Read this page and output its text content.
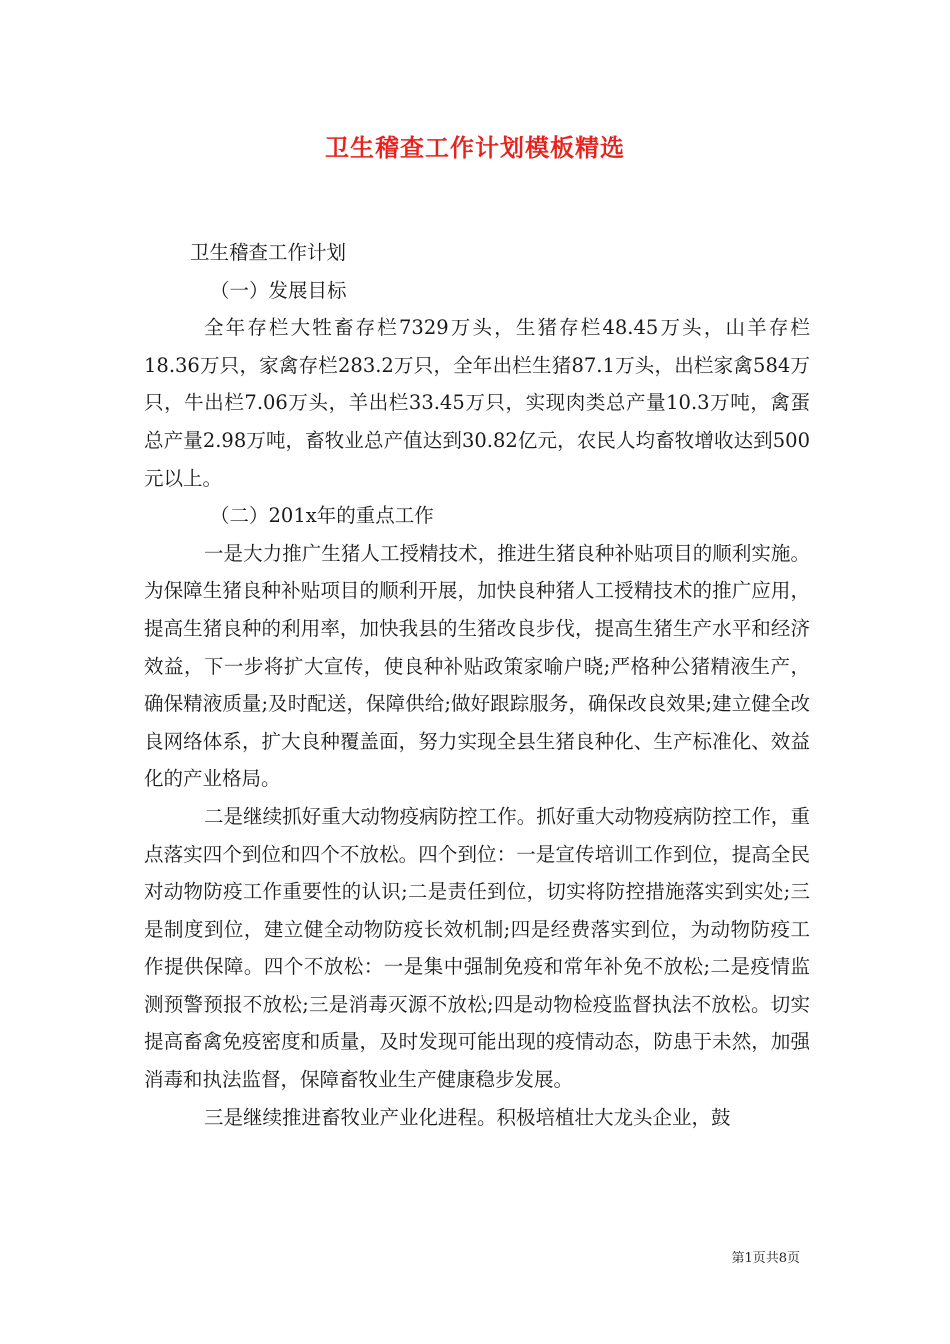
卫生稽查工作计划模板精选

卫生稽查工作计划

（一）发展目标

全年存栏大牲畜存栏7329万头，生猪存栏48.45万头，山羊存栏18.36万只，家禽存栏283.2万只，全年出栏生猪87.1万头，出栏家禽584万只，牛出栏7.06万头，羊出栏33.45万只，实现肉类总产量10.3万吨，禽蛋总产量2.98万吨，畜牧业总产值达到30.82亿元，农民人均畜牧增收达到500元以上。

（二）201x年的重点工作

一是大力推广生猪人工授精技术，推进生猪良种补贴项目的顺利实施。为保障生猪良种补贴项目的顺利开展，加快良种猪人工授精技术的推广应用，提高生猪良种的利用率，加快我县的生猪改良步伐，提高生猪生产水平和经济效益，下一步将扩大宣传，使良种补贴政策家喻户晓;严格种公猪精液生产，确保精液质量;及时配送，保障供给;做好跟踪服务，确保改良效果;建立健全改良网络体系，扩大良种覆盖面，努力实现全县生猪良种化、生产标准化、效益化的产业格局。

二是继续抓好重大动物疫病防控工作。抓好重大动物疫病防控工作，重点落实四个到位和四个不放松。四个到位：一是宣传培训工作到位，提高全民对动物防疫工作重要性的认识;二是责任到位，切实将防控措施落实到实处;三是制度到位，建立健全动物防疫长效机制;四是经费落实到位，为动物防疫工作提供保障。四个不放松：一是集中强制免疫和常年补免不放松;二是疫情监测预警预报不放松;三是消毒灭源不放松;四是动物检疫监督执法不放松。切实提高畜禽免疫密度和质量，及时发现可能出现的疫情动态，防患于未然，加强消毒和执法监督，保障畜牧业生产健康稳步发展。

三是继续推进畜牧业产业化进程。积极培植壮大龙头企业，鼓

第1页共8页
